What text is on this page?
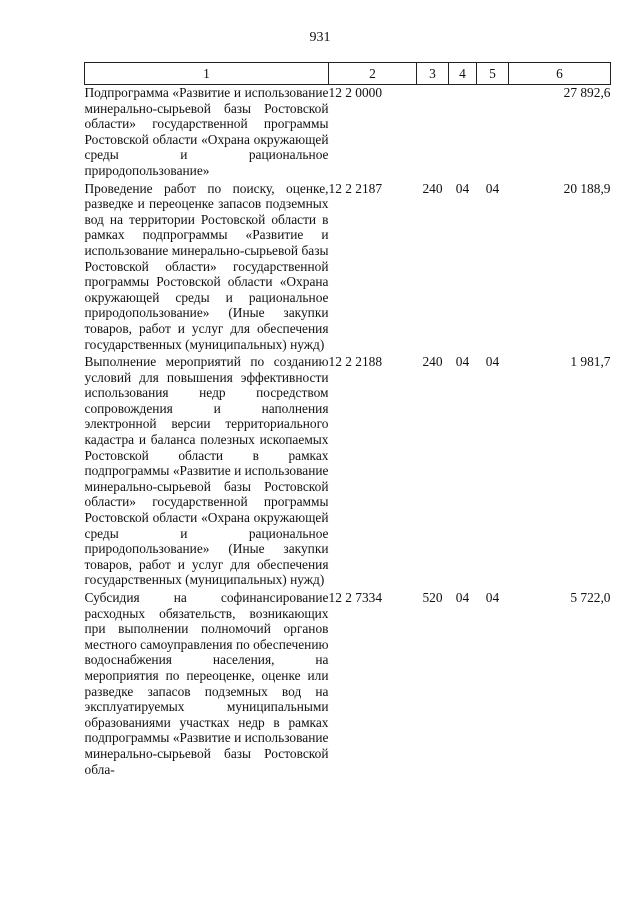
931
1	2	3	4	5	6
Подпрограмма «Развитие и использование минерально-сырьевой базы Ростовской области» государственной программы Ростовской области «Охрана окружающей среды и рациональное природопользование»	12 2 0000				27 892,6
Проведение работ по поиску, оценке, разведке и переоценке запасов подземных вод на территории Ростовской области в рамках подпрограммы «Развитие и использование минерально-сырьевой базы Ростовской области» государственной программы Ростовской области «Охрана окружающей среды и рациональное природопользование» (Иные закупки товаров, работ и услуг для обеспечения государственных (муниципальных) нужд)	12 2 2187	240	04	04	20 188,9
Выполнение мероприятий по созданию условий для повышения эффективности использования недр посредством сопровождения и наполнения электронной версии территориального кадастра и баланса полезных ископаемых Ростовской области в рамках подпрограммы «Развитие и использование минерально-сырьевой базы Ростовской области» государственной программы Ростовской области «Охрана окружающей среды и рациональное природопользование» (Иные закупки товаров, работ и услуг для обеспечения государственных (муниципальных) нужд)	12 2 2188	240	04	04	1 981,7
Субсидия на софинансирование расходных обязательств, возникающих при выполнении полномочий органов местного самоуправления по обеспечению водоснабжения населения, на мероприятия по переоценке, оценке или разведке запасов подземных вод на эксплуатируемых муниципальными образованиями участках недр в рамках подпрограммы «Развитие и использование минерально-сырьевой базы Ростовской обла-	12 2 7334	520	04	04	5 722,0
